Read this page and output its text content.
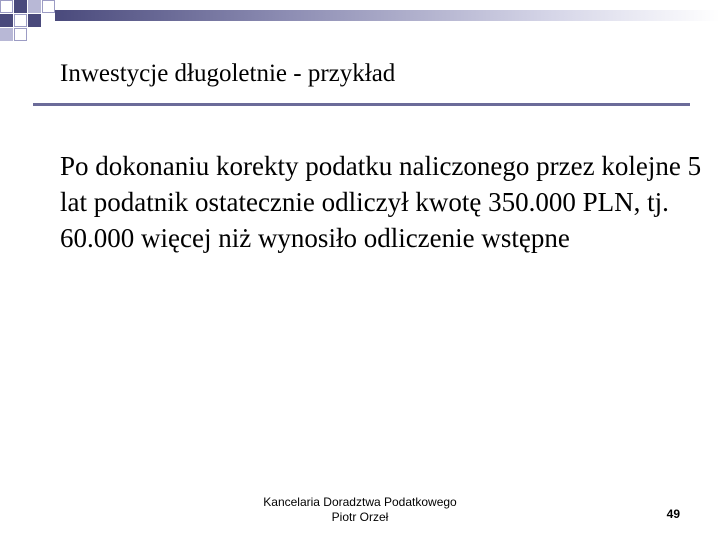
Inwestycje długoletnie - przykład
Po dokonaniu korekty podatku naliczonego przez kolejne 5 lat podatnik ostatecznie odliczył kwotę 350.000 PLN, tj. 60.000 więcej niż wynosiło odliczenie wstępne
Kancelaria Doradztwa Podatkowego
Piotr Orzeł	49
